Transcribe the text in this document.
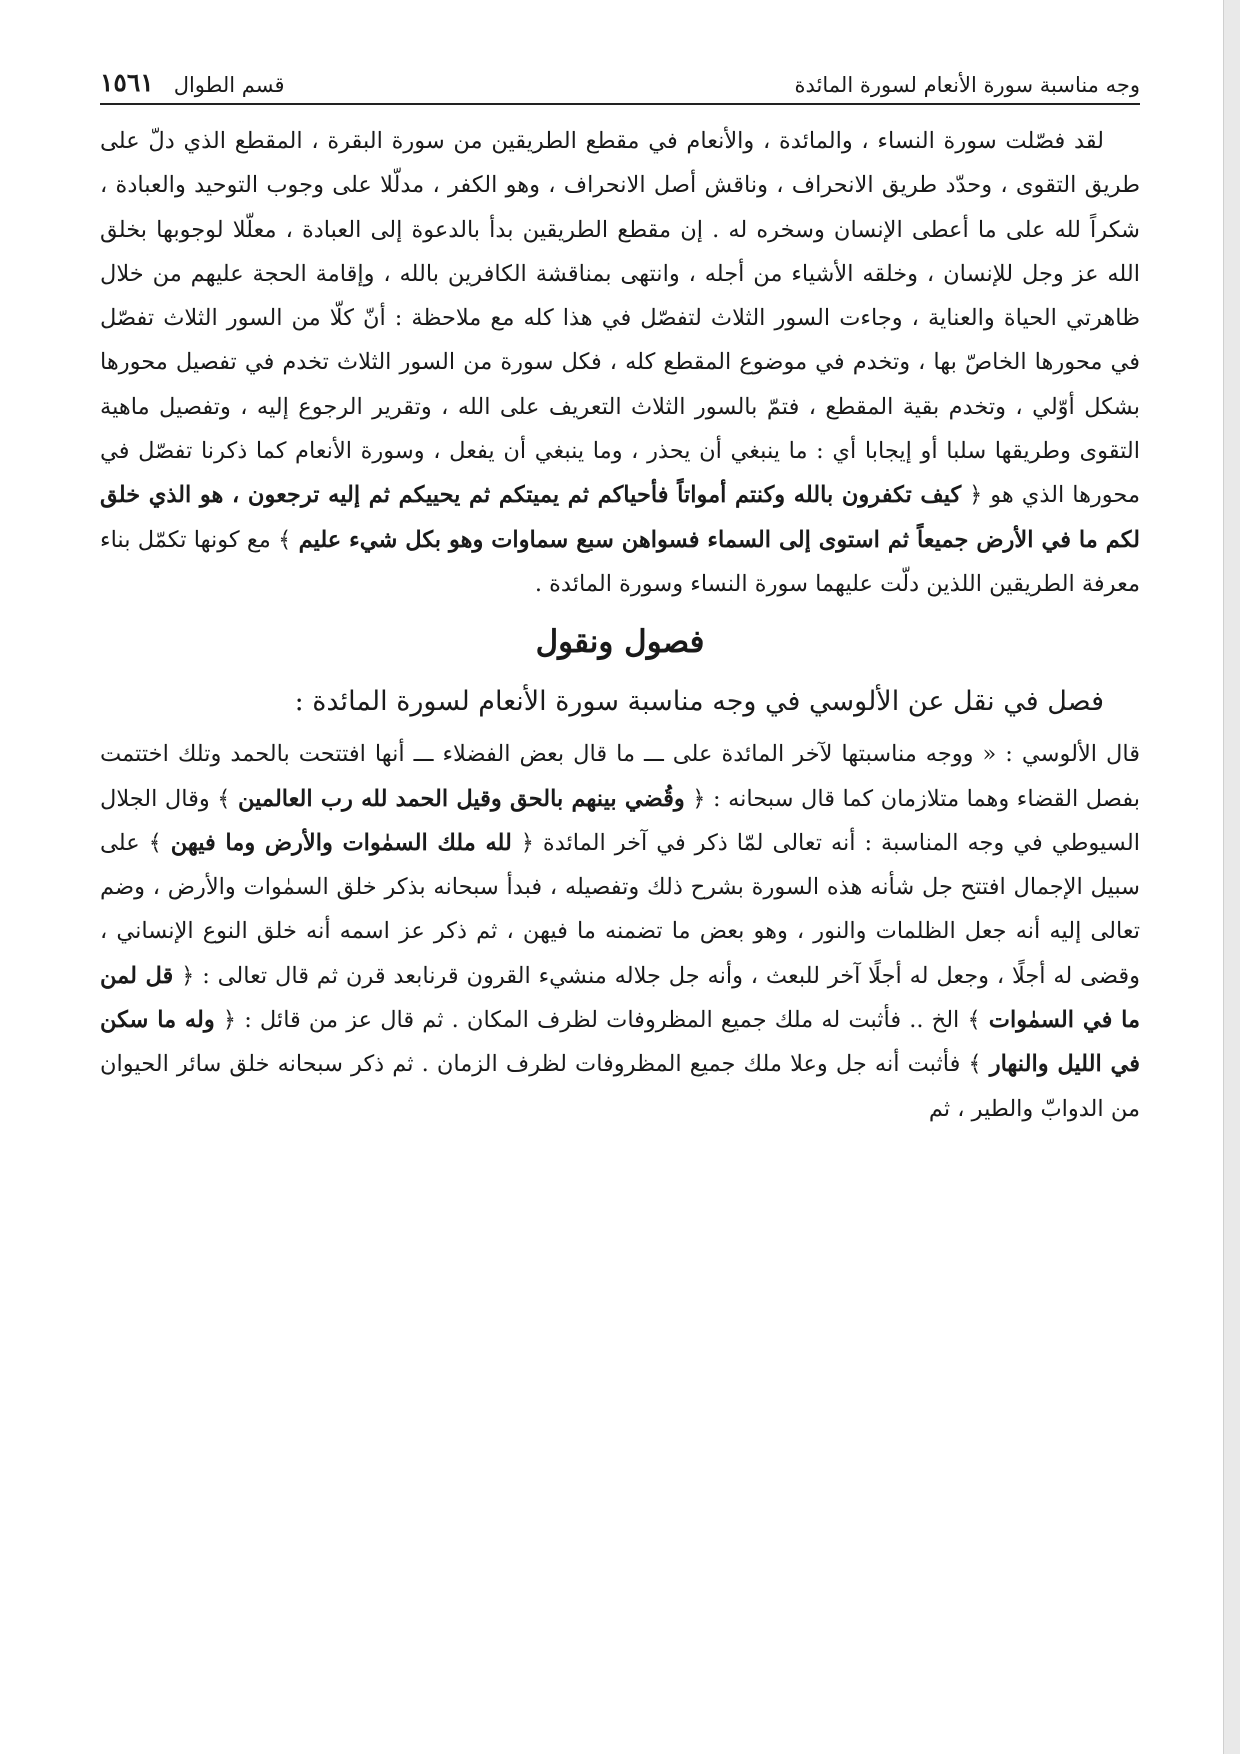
وجه مناسبة سورة الأنعام لسورة المائدة
قسم الطوال
١٥٦١

لقد فصّلت سورة النساء ، والمائدة ، والأنعام في مقطع الطريقين من سورة البقرة ، المقطع الذي دلّ على طريق التقوى ، وحدّد طريق الانحراف ، وناقش أصل الانحراف ، وهو الكفر ، مدلّلا على وجوب التوحيد والعبادة ، شكراً لله على ما أعطى الإنسان وسخره له . إن مقطع الطريقين بدأ بالدعوة إلى العبادة ، معلّلا لوجوبها بخلق الله عز وجل للإنسان ، وخلقه الأشياء من أجله ، وانتهى بمناقشة الكافرين بالله ، وإقامة الحجة عليهم من خلال ظاهرتي الحياة والعناية ، وجاءت السور الثلاث لتفصّل في هذا كله مع ملاحظة : أنّ كلّا من السور الثلاث تفصّل في محورها الخاصّ بها ، وتخدم في موضوع المقطع كله ، فكل سورة من السور الثلاث تخدم في تفصيل محورها بشكل أوّلي ، وتخدم بقية المقطع ، فتمّ بالسور الثلاث التعريف على الله ، وتقرير الرجوع إليه ، وتفصيل ماهية التقوى وطريقها سلبا أو إيجابا أي : ما ينبغي أن يحذر ، وما ينبغي أن يفعل ، وسورة الأنعام كما ذكرنا تفصّل في محورها الذي هو ﴿ كيف تكفرون بالله وكنتم أمواتاً فأحياكم ثم يميتكم ثم يحييكم ثم إليه ترجعون ، هو الذي خلق لكم ما في الأرض جميعاً ثم استوى إلى السماء فسواهن سبع سماوات وهو بكل شيء عليم ﴾ مع كونها تكمّل بناء معرفة الطريقين اللذين دلّت عليهما سورة النساء وسورة المائدة .

فصول ونقول

فصل في نقل عن الألوسي في وجه مناسبة سورة الأنعام لسورة المائدة :

قال الألوسي : « ووجه مناسبتها لآخر المائدة على ـــ ما قال بعض الفضلاء ـــ أنها افتتحت بالحمد وتلك اختتمت بفصل القضاء وهما متلازمان كما قال سبحانه : ﴿ وقُضي بينهم بالحق وقيل الحمد لله رب العالمين ﴾ وقال الجلال السيوطي في وجه المناسبة : أنه تعالى لمّا ذكر في آخر المائدة ﴿ لله ملك السمٰوات والأرض وما فيهن ﴾ على سبيل الإجمال افتتح جل شأنه هذه السورة بشرح ذلك وتفصيله ، فبدأ سبحانه بذكر خلق السمٰوات والأرض ، وضم تعالى إليه أنه جعل الظلمات والنور ، وهو بعض ما تضمنه ما فيهن ، ثم ذكر عز اسمه أنه خلق النوع الإنساني ، وقضى له أجلًا ، وجعل له أجلًا آخر للبعث ، وأنه جل جلاله منشيء القرون قرنابعد قرن ثم قال تعالى : ﴿ قل لمن ما في السمٰوات ﴾ الخ .. فأثبت له ملك جميع المظروفات لظرف المكان . ثم قال عز من قائل : ﴿ وله ما سكن في الليل والنهار ﴾ فأثبت أنه جل وعلا ملك جميع المظروفات لظرف الزمان . ثم ذكر سبحانه خلق سائر الحيوان من الدوابّ والطير ، ثم
